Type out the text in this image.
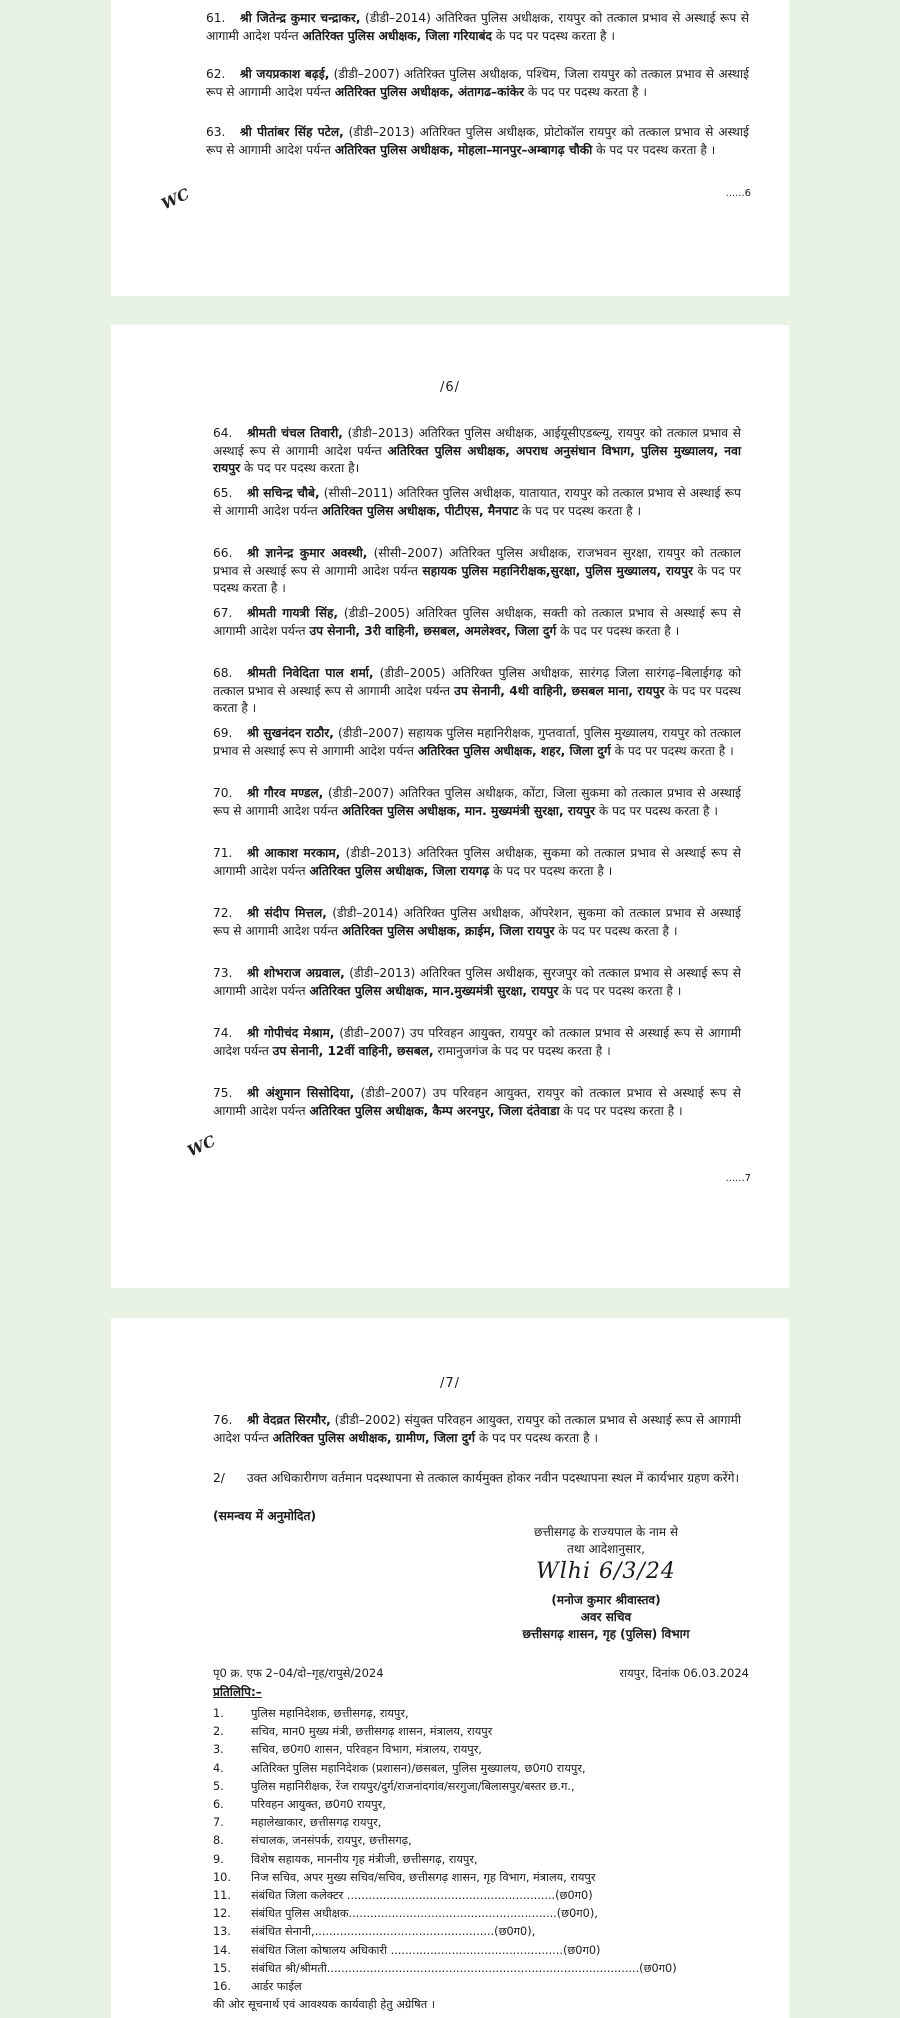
61. श्री जितेन्द्र कुमार चन्द्राकर, (डीडी–2014) अतिरिक्त पुलिस अधीक्षक, रायपुर को तत्काल प्रभाव से अस्थाई रूप से आगामी आदेश पर्यन्त अतिरिक्त पुलिस अधीक्षक, जिला गरियाबंद के पद पर पदस्थ करता है ।
62. श्री जयप्रकाश बढ़ई, (डीडी–2007) अतिरिक्त पुलिस अधीक्षक, पश्चिम, जिला रायपुर को तत्काल प्रभाव से अस्थाई रूप से आगामी आदेश पर्यन्त अतिरिक्त पुलिस अधीक्षक, अंतागढ–कांकेर के पद पर पदस्थ करता है ।
63. श्री पीतांबर सिंह पटेल, (डीडी–2013) अतिरिक्त पुलिस अधीक्षक, प्रोटोकॉल रायपुर को तत्काल प्रभाव से अस्थाई रूप से आगामी आदेश पर्यन्त अतिरिक्त पुलिस अधीक्षक, मोहला–मानपुर–अम्बागढ़ चौकी के पद पर पदस्थ करता है ।
WC	......6
/6/
64. श्रीमती चंचल तिवारी, (डीडी–2013) अतिरिक्त पुलिस अधीक्षक, आईयूसीएडब्ल्यू, रायपुर को तत्काल प्रभाव से अस्थाई रूप से आगामी आदेश पर्यन्त अतिरिक्त पुलिस अधीक्षक, अपराध अनुसंधान विभाग, पुलिस मुख्यालय, नवा रायपुर के पद पर पदस्थ करता है।
65. श्री सचिन्द्र चौबे, (सीसी–2011) अतिरिक्त पुलिस अधीक्षक, यातायात, रायपुर को तत्काल प्रभाव से अस्थाई रूप से आगामी आदेश पर्यन्त अतिरिक्त पुलिस अधीक्षक, पीटीएस, मैनपाट के पद पर पदस्थ करता है ।
66. श्री ज्ञानेन्द्र कुमार अवस्थी, (सीसी–2007) अतिरिक्त पुलिस अधीक्षक, राजभवन सुरक्षा, रायपुर को तत्काल प्रभाव से अस्थाई रूप से आगामी आदेश पर्यन्त सहायक पुलिस महानिरीक्षक,सुरक्षा, पुलिस मुख्यालय, रायपुर के पद पर पदस्थ करता है ।
67. श्रीमती गायत्री सिंह, (डीडी–2005) अतिरिक्त पुलिस अधीक्षक, सक्ती को तत्काल प्रभाव से अस्थाई रूप से आगामी आदेश पर्यन्त उप सेनानी, 3री वाहिनी, छसबल, अमलेश्वर, जिला दुर्ग के पद पर पदस्थ करता है ।
68. श्रीमती निवेदिता पाल शर्मा, (डीडी–2005) अतिरिक्त पुलिस अधीक्षक, सारंगढ़ जिला सारंगढ़–बिलाईगढ़ को तत्काल प्रभाव से अस्थाई रूप से आगामी आदेश पर्यन्त उप सेनानी, 4थी वाहिनी, छसबल माना, रायपुर के पद पर पदस्थ करता है ।
69. श्री सुखनंदन राठौर, (डीडी–2007) सहायक पुलिस महानिरीक्षक, गुप्तवार्ता, पुलिस मुख्यालय, रायपुर को तत्काल प्रभाव से अस्थाई रूप से आगामी आदेश पर्यन्त अतिरिक्त पुलिस अधीक्षक, शहर, जिला दुर्ग के पद पर पदस्थ करता है ।
70. श्री गौरव मण्डल, (डीडी–2007) अतिरिक्त पुलिस अधीक्षक, कोंटा, जिला सुकमा को तत्काल प्रभाव से अस्थाई रूप से आगामी आदेश पर्यन्त अतिरिक्त पुलिस अधीक्षक, मान. मुख्यमंत्री सुरक्षा, रायपुर के पद पर पदस्थ करता है ।
71. श्री आकाश मरकाम, (डीडी–2013) अतिरिक्त पुलिस अधीक्षक, सुकमा को तत्काल प्रभाव से अस्थाई रूप से आगामी आदेश पर्यन्त अतिरिक्त पुलिस अधीक्षक, जिला रायगढ़ के पद पर पदस्थ करता है ।
72. श्री संदीप मित्तल, (डीडी–2014) अतिरिक्त पुलिस अधीक्षक, ऑपरेशन, सुकमा को तत्काल प्रभाव से अस्थाई रूप से आगामी आदेश पर्यन्त अतिरिक्त पुलिस अधीक्षक, क्राईम, जिला रायपुर के पद पर पदस्थ करता है ।
73. श्री शोभराज अग्रवाल, (डीडी–2013) अतिरिक्त पुलिस अधीक्षक, सुरजपुर को तत्काल प्रभाव से अस्थाई रूप से आगामी आदेश पर्यन्त अतिरिक्त पुलिस अधीक्षक, मान.मुख्यमंत्री सुरक्षा, रायपुर के पद पर पदस्थ करता है ।
74. श्री गोपीचंद मेश्राम, (डीडी–2007) उप परिवहन आयुक्त, रायपुर को तत्काल प्रभाव से अस्थाई रूप से आगामी आदेश पर्यन्त उप सेनानी, 12वीं वाहिनी, छसबल, रामानुजगंज के पद पर पदस्थ करता है ।
75. श्री अंशुमान सिसोदिया, (डीडी–2007) उप परिवहन आयुक्त, रायपुर को तत्काल प्रभाव से अस्थाई रूप से आगामी आदेश पर्यन्त अतिरिक्त पुलिस अधीक्षक, कैम्प अरनपुर, जिला दंतेवाडा के पद पर पदस्थ करता है ।
WC
......7
/7/
76. श्री वेदव्रत सिरमौर, (डीडी–2002) संयुक्त परिवहन आयुक्त, रायपुर को तत्काल प्रभाव से अस्थाई रूप से आगामी आदेश पर्यन्त अतिरिक्त पुलिस अधीक्षक, ग्रामीण, जिला दुर्ग के पद पर पदस्थ करता है ।
2/ उक्त अधिकारीगण वर्तमान पदस्थापना से तत्काल कार्यमुक्त होकर नवीन पदस्थापना स्थल में कार्यभार ग्रहण करेंगे।
(समन्वय में अनुमोदित)
छत्तीसगढ़ के राज्यपाल के नाम से
तथा आदेशानुसार,
Wlhi 6/3/24
(मनोज कुमार श्रीवास्तव)
अवर सचिव
छत्तीसगढ़ शासन, गृह (पुलिस) विभाग
पृ0 क्र. एफ 2–04/दो–गृह/रापुसे/2024	रायपुर, दिनांक 06.03.2024
प्रतिलिपि:–
1.	पुलिस महानिदेशक, छत्तीसगढ़, रायपुर,
2.	सचिव, मान0 मुख्य मंत्री, छत्तीसगढ़ शासन, मंत्रालय, रायपुर
3.	सचिव, छ0ग0 शासन, परिवहन विभाग, मंत्रालय, रायपुर,
4.	अतिरिक्त पुलिस महानिदेशक (प्रशासन)/छसबल, पुलिस मुख्यालय, छ0ग0 रायपुर,
5.	पुलिस महानिरीक्षक, रेंज रायपुर/दुर्ग/राजनांदगांव/सरगुजा/बिलासपुर/बस्तर छ.ग.,
6.	परिवहन आयुक्त, छ0ग0 रायपुर,
7.	महालेखाकार, छत्तीसगढ़ रायपुर,
8.	संचालक, जनसंपर्क, रायपुर, छत्तीसगढ़,
9.	विशेष सहायक, माननीय गृह मंत्रीजी, छत्तीसगढ़, रायपुर,
10.	निज सचिव, अपर मुख्य सचिव/सचिव, छत्तीसगढ़ शासन, गृह विभाग, मंत्रालय, रायपुर
11.	संबंधित जिला कलेक्टर ..........................................................(छ0ग0)
12.	संबंधित पुलिस अधीक्षक..........................................................(छ0ग0),
13.	संबंधित सेनानी,..................................................(छ0ग0),
14.	संबंधित जिला कोषालय अधिकारी ................................................(छ0ग0)
15.	संबंधित श्री/श्रीमती.......................................................................................(छ0ग0)
16.	आर्डर फाईल
की ओर सूचनार्थ एवं आवश्यक कार्यवाही हेतु अग्रेषित ।
